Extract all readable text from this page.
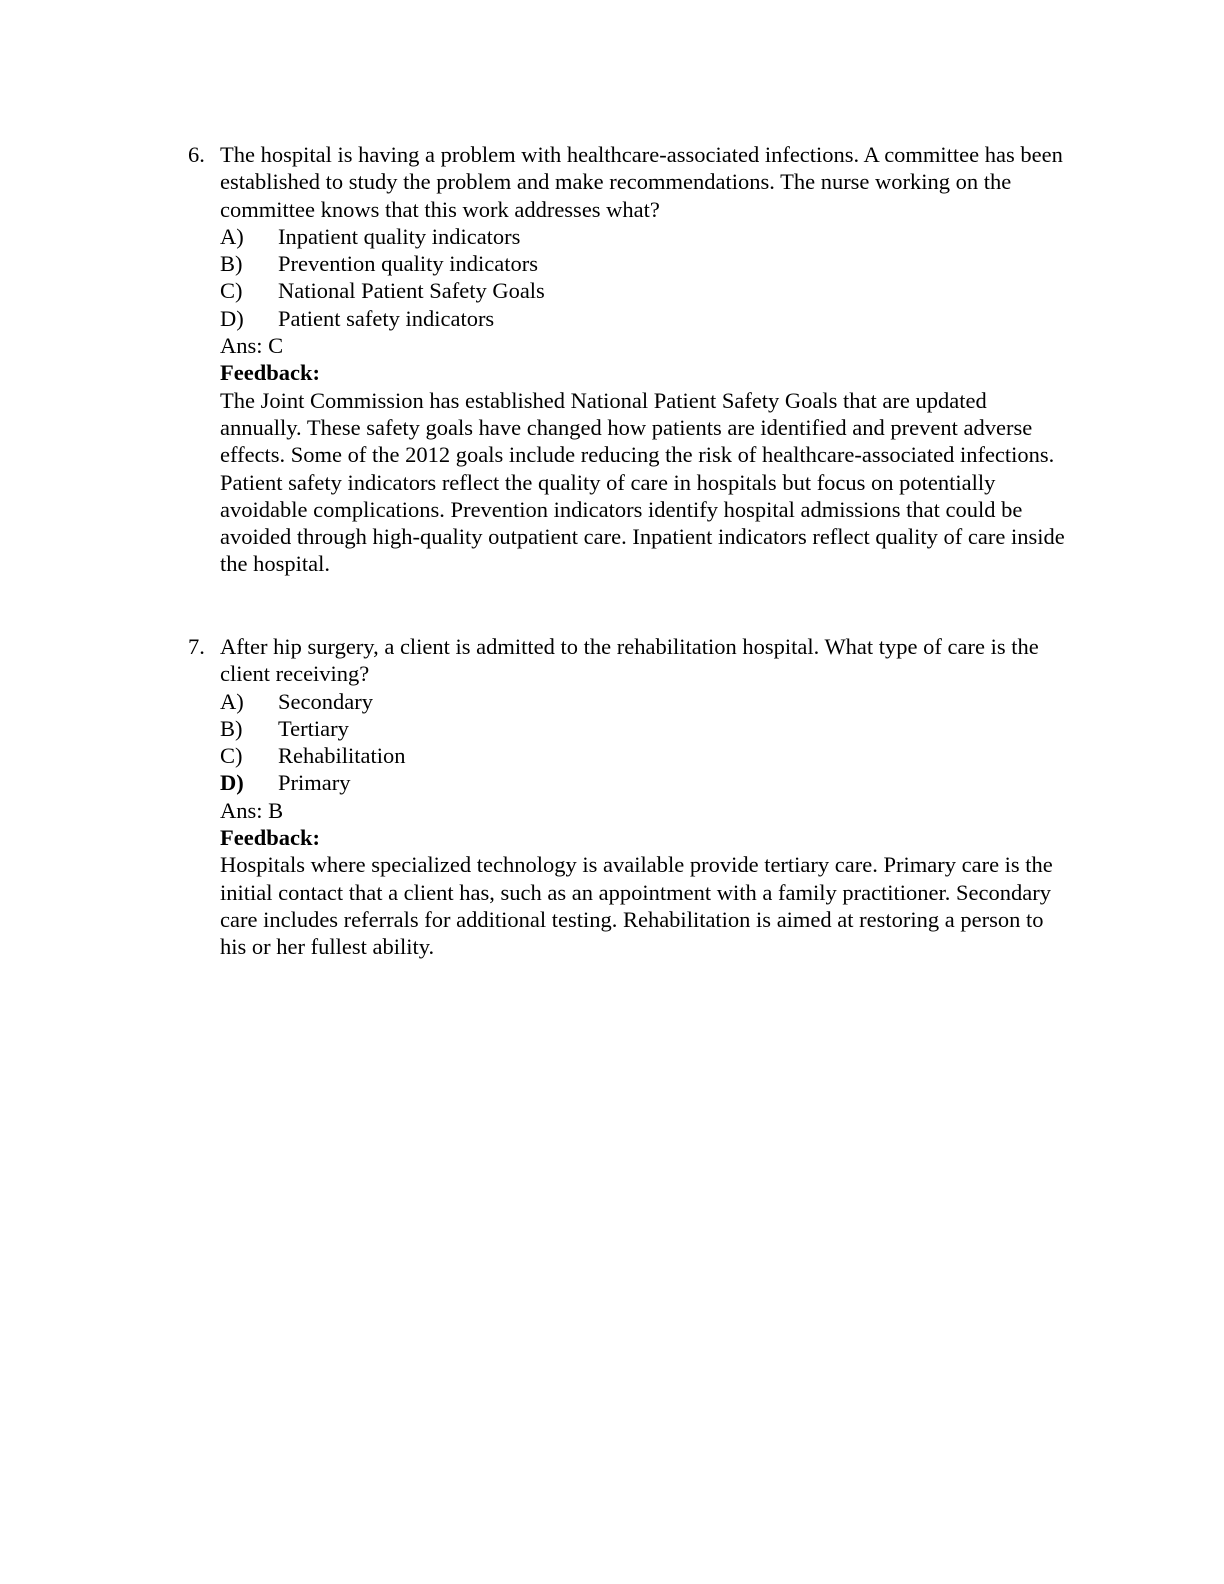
6. The hospital is having a problem with healthcare-associated infections. A committee has been established to study the problem and make recommendations. The nurse working on the committee knows that this work addresses what?
A)	Inpatient quality indicators
B)	Prevention quality indicators
C)	National Patient Safety Goals
D)	Patient safety indicators
Ans: C
Feedback:
The Joint Commission has established National Patient Safety Goals that are updated annually. These safety goals have changed how patients are identified and prevent adverse effects. Some of the 2012 goals include reducing the risk of healthcare-associated infections. Patient safety indicators reflect the quality of care in hospitals but focus on potentially avoidable complications. Prevention indicators identify hospital admissions that could be avoided through high-quality outpatient care. Inpatient indicators reflect quality of care inside the hospital.
7. After hip surgery, a client is admitted to the rehabilitation hospital. What type of care is the client receiving?
A)	Secondary
B)	Tertiary
C)	Rehabilitation
D)	Primary
Ans: B
Feedback:
Hospitals where specialized technology is available provide tertiary care. Primary care is the initial contact that a client has, such as an appointment with a family practitioner. Secondary care includes referrals for additional testing. Rehabilitation is aimed at restoring a person to his or her fullest ability.
